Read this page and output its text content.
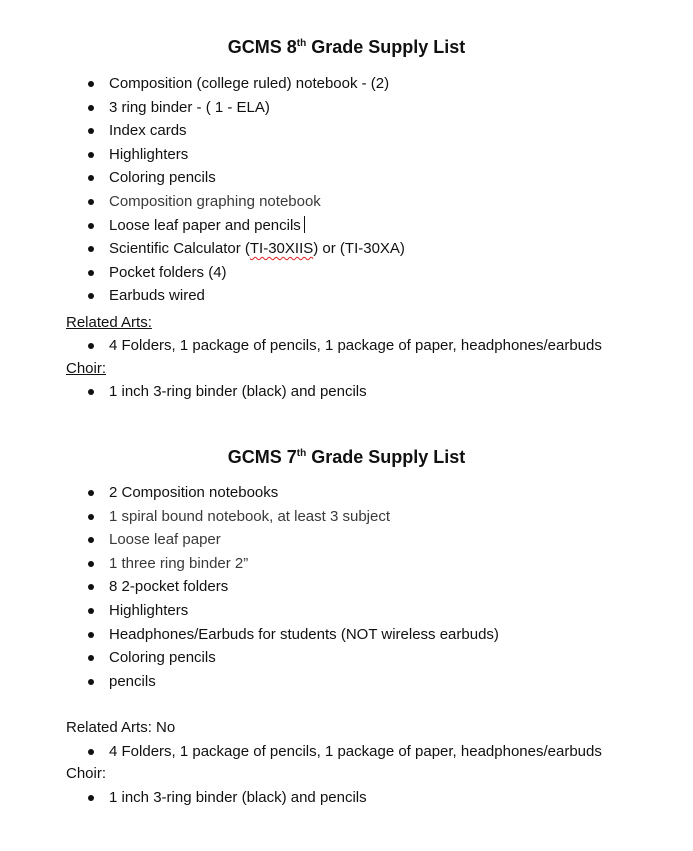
GCMS 8th Grade Supply List
Composition (college ruled) notebook - (2)
3 ring binder - ( 1 - ELA)
Index cards
Highlighters
Coloring pencils
Composition graphing notebook
Loose leaf paper and pencils
Scientific Calculator (TI-30XIIS) or (TI-30XA)
Pocket folders (4)
Earbuds wired
Related Arts:
4 Folders, 1 package of pencils, 1 package of paper, headphones/earbuds
Choir:
1 inch 3-ring binder (black) and pencils
GCMS 7th Grade Supply List
2 Composition notebooks
1 spiral bound notebook, at least 3 subject
Loose leaf paper
1 three ring binder 2”
8 2-pocket folders
Highlighters
Headphones/Earbuds for students (NOT wireless earbuds)
Coloring pencils
pencils
Related Arts: No
4 Folders, 1 package of pencils, 1 package of paper, headphones/earbuds
Choir:
1 inch 3-ring binder (black) and pencils
